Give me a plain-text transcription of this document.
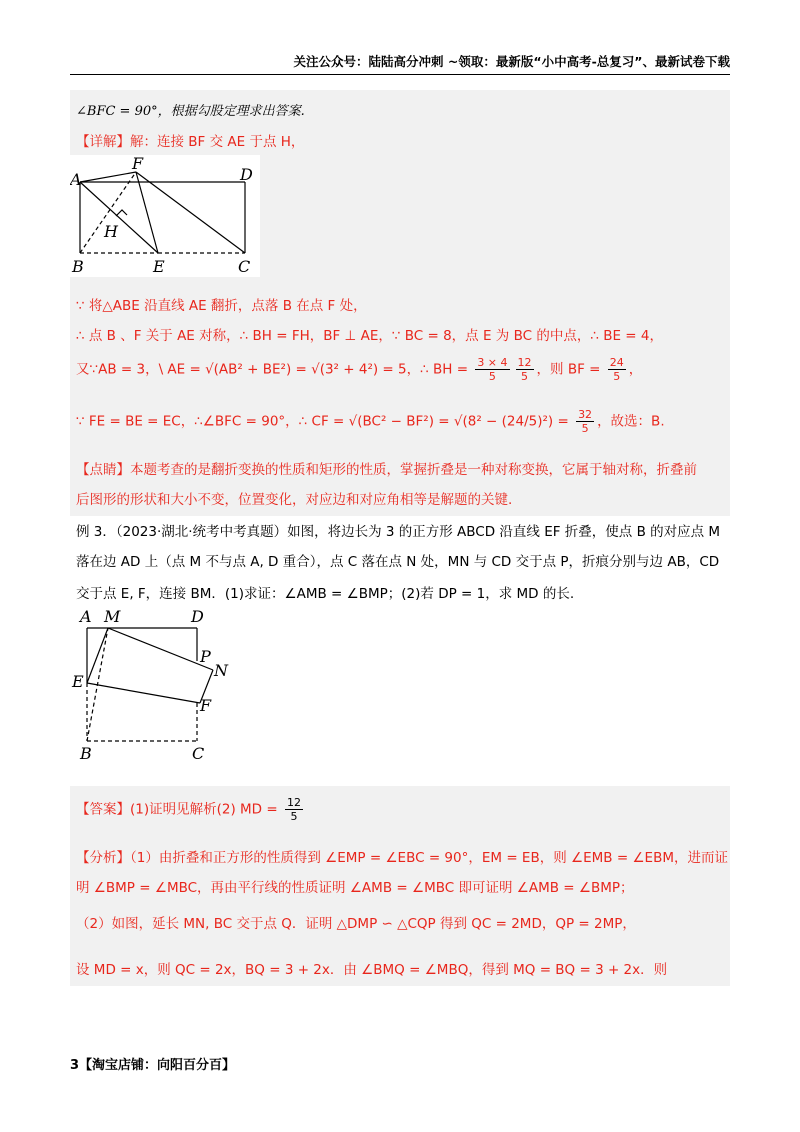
关注公众号：陆陆高分冲刺 ~领取：最新版“小中高考-总复习”、最新试卷下载
∠BFC = 90°，根据勾股定理求出答案.
【详解】解：连接 BF 交 AE 于点 H，
A
F
D
H
B	E	C
∵ 将△ABE 沿直线 AE 翻折，点落 B 在点 F 处，
∴ 点 B 、F 关于 AE 对称，∴ BH = FH，BF ⊥ AE，∵ BC = 8，点 E 为 BC 的中点，∴ BE = 4，
又∵AB = 3，\ AE = √(AB² + BE²) = √(3² + 4²) = 5，∴ BH = $\frac{3 \times 4}{5} \frac{12}{5}$ ，则 BF = $\frac{24}{5}$ ，
∵ FE = BE = EC，∴∠BFC = 90°，∴ CF = $√(BC^2 - BF^2) = √(8^2 - (24/5)^2) = \frac{32}{5}$ ，故选：B.
【点睛】本题考查的是翻折变换的性质和矩形的性质，掌握折叠是一种对称变换，它属于轴对称，折叠前
后图形的形状和大小不变，位置变化，对应边和对应角相等是解题的关键.
例 3．（2023·湖北·统考中考真题）如图，将边长为 3 的正方形 ABCD 沿直线 EF 折叠，使点 B 的对应点 M
落在边 AD 上（点 M 不与点 A, D 重合），点 C 落在点 N 处，MN 与 CD 交于点 P，折痕分别与边 AB，CD
交于点 E, F，连接 BM．(1)求证：∠AMB = ∠BMP；(2)若 DP = 1，求 MD 的长.
A M	D
P
N
E
F
B	C
【答案】(1)证明见解析(2) MD = $\frac{12}{5}$
【分析】（1）由折叠和正方形的性质得到 ∠EMP = ∠EBC = 90°，EM = EB，则 ∠EMB = ∠EBM，进而证
明 ∠BMP = ∠MBC，再由平行线的性质证明 ∠AMB = ∠MBC 即可证明 ∠AMB = ∠BMP；
（2）如图，延长 MN, BC 交于点 Q．证明 △DMP ∽ △CQP 得到 QC = 2MD，QP = 2MP，
设 MD = x，则 QC = 2x，BQ = 3 + 2x．由 ∠BMQ = ∠MBQ，得到 MQ = BQ = 3 + 2x．则
3【淘宝店铺：向阳百分百】
